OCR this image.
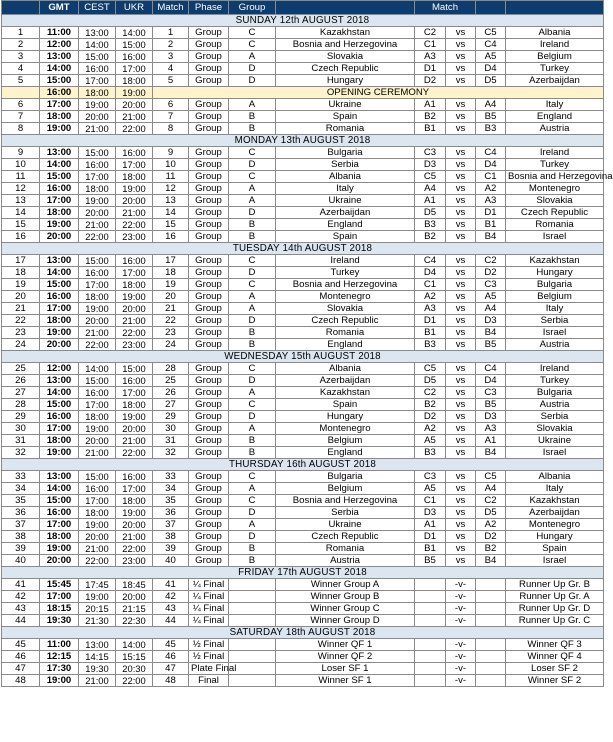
	GMT	CEST	UKR	Match	Phase	Group		Match			
SUNDAY 12th AUGUST 2018											
1	11:00	13:00	14:00	1	Group	C	Kazakhstan	C2	vs	C5	Albania
2	12:00	14:00	15:00	2	Group	C	Bosnia and Herzegovina	C1	vs	C4	Ireland
3	13:00	15:00	16:00	3	Group	A	Slovakia	A3	vs	A5	Belgium
4	14:00	16:00	17:00	4	Group	D	Czech Republic	D1	vs	D4	Turkey
5	15:00	17:00	18:00	5	Group	D	Hungary	D2	vs	D5	Azerbaijdan
	16:00	18:00	19:00	OPENING CEREMONY							
6	17:00	19:00	20:00	6	Group	A	Ukraine	A1	vs	A4	Italy
7	18:00	20:00	21:00	7	Group	B	Spain	B2	vs	B5	England
8	19:00	21:00	22:00	8	Group	B	Romania	B1	vs	B3	Austria
MONDAY 13th AUGUST 2018											
9	13:00	15:00	16:00	9	Group	C	Bulgaria	C3	vs	C4	Ireland
10	14:00	16:00	17:00	10	Group	D	Serbia	D3	vs	D4	Turkey
11	15:00	17:00	18:00	11	Group	C	Albania	C5	vs	C1	Bosnia and Herzegovina
12	16:00	18:00	19:00	12	Group	A	Italy	A4	vs	A2	Montenegro
13	17:00	19:00	20:00	13	Group	A	Ukraine	A1	vs	A3	Slovakia
14	18:00	20:00	21:00	14	Group	D	Azerbaijdan	D5	vs	D1	Czech Republic
15	19:00	21:00	22:00	15	Group	B	England	B3	vs	B1	Romania
16	20:00	22:00	23:00	16	Group	B	Spain	B2	vs	B4	Israel
TUESDAY 14th AUGUST 2018											
17	13:00	15:00	16:00	17	Group	C	Ireland	C4	vs	C2	Kazakhstan
18	14:00	16:00	17:00	18	Group	D	Turkey	D4	vs	D2	Hungary
19	15:00	17:00	18:00	19	Group	C	Bosnia and Herzegovina	C1	vs	C3	Bulgaria
20	16:00	18:00	19:00	20	Group	A	Montenegro	A2	vs	A5	Belgium
21	17:00	19:00	20:00	21	Group	A	Slovakia	A3	vs	A4	Italy
22	18:00	20:00	21:00	22	Group	D	Czech Republic	D1	vs	D3	Serbia
23	19:00	21:00	22:00	23	Group	B	Romania	B1	vs	B4	Israel
24	20:00	22:00	23:00	24	Group	B	England	B3	vs	B5	Austria
WEDNESDAY 15th AUGUST 2018											
25	12:00	14:00	15:00	28	Group	C	Albania	C5	vs	C4	Ireland
26	13:00	15:00	16:00	25	Group	D	Azerbaijdan	D5	vs	D4	Turkey
27	14:00	16:00	17:00	26	Group	A	Kazakhstan	C2	vs	C3	Bulgaria
28	15:00	17:00	18:00	27	Group	C	Spain	B2	vs	B5	Austria
29	16:00	18:00	19:00	29	Group	D	Hungary	D2	vs	D3	Serbia
30	17:00	19:00	20:00	30	Group	A	Montenegro	A2	vs	A3	Slovakia
31	18:00	20:00	21:00	31	Group	B	Belgium	A5	vs	A1	Ukraine
32	19:00	21:00	22:00	32	Group	B	England	B3	vs	B4	Israel
THURSDAY 16th AUGUST 2018											
33	13:00	15:00	16:00	33	Group	C	Bulgaria	C3	vs	C5	Albania
34	14:00	16:00	17:00	34	Group	A	Belgium	A5	vs	A4	Italy
35	15:00	17:00	18:00	35	Group	C	Bosnia and Herzegovina	C1	vs	C2	Kazakhstan
36	16:00	18:00	19:00	36	Group	D	Serbia	D3	vs	D5	Azerbaijdan
37	17:00	19:00	20:00	37	Group	A	Ukraine	A1	vs	A2	Montenegro
38	18:00	20:00	21:00	38	Group	D	Czech Republic	D1	vs	D2	Hungary
39	19:00	21:00	22:00	39	Group	B	Romania	B1	vs	B2	Spain
40	20:00	22:00	23:00	40	Group	B	Austria	B5	vs	B4	Israel
FRIDAY 17th AUGUST 2018											
41	15:45	17:45	18:45	41	¼ Final		Winner Group A		-v-		Runner Up Gr. B
42	17:00	19:00	20:00	42	¼ Final		Winner Group B		-v-		Runner Up Gr. A
43	18:15	20:15	21:15	43	¼ Final		Winner Group C		-v-		Runner Up Gr. D
44	19:30	21:30	22:30	44	¼ Final		Winner Group D		-v-		Runner Up Gr. C
SATURDAY 18th AUGUST 2018											
45	11:00	13:00	14:00	45	½ Final		Winner QF 1		-v-		Winner QF 3
46	12:15	14:15	15:15	46	½ Final		Winner QF 2		-v-		Winner QF 4
47	17:30	19:30	20:30	47	Plate Final		Loser SF 1		-v-		Loser SF 2
48	19:00	21:00	22:00	48	Final		Winner SF 1		-v-		Winner SF 2
